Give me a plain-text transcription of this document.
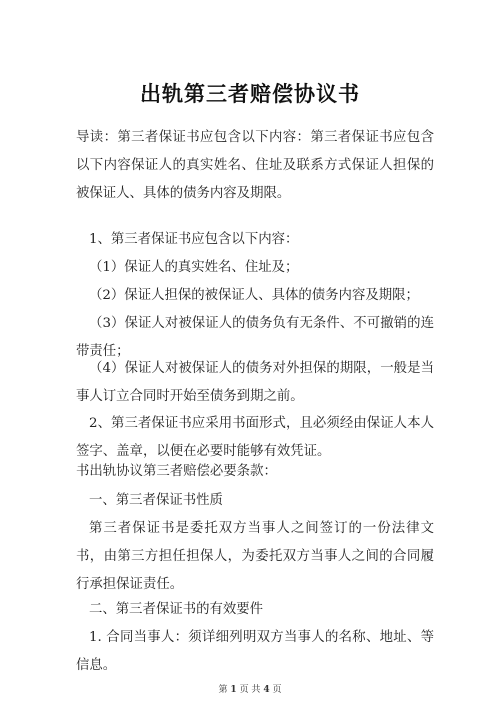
出轨第三者赔偿协议书

导读：第三者保证书应包含以下内容：第三者保证书应包含以下内容保证人的真实姓名、住址及联系方式保证人担保的被保证人、具体的债务内容及期限。

1、第三者保证书应包含以下内容：

（1）保证人的真实姓名、住址及；

（2）保证人担保的被保证人、具体的债务内容及期限；

（3）保证人对被保证人的债务负有无条件、不可撤销的连带责任；

（4）保证人对被保证人的债务对外担保的期限，一般是当事人订立合同时开始至债务到期之前。

2、第三者保证书应采用书面形式，且必须经由保证人本人签字、盖章，以便在必要时能够有效凭证。

书出轨协议第三者赔偿必要条款：

一、第三者保证书性质

第三者保证书是委托双方当事人之间签订的一份法律文书，由第三方担任担保人，为委托双方当事人之间的合同履行承担保证责任。

二、第三者保证书的有效要件

1. 合同当事人：须详细列明双方当事人的名称、地址、等信息。

第 1 页 共 4 页
